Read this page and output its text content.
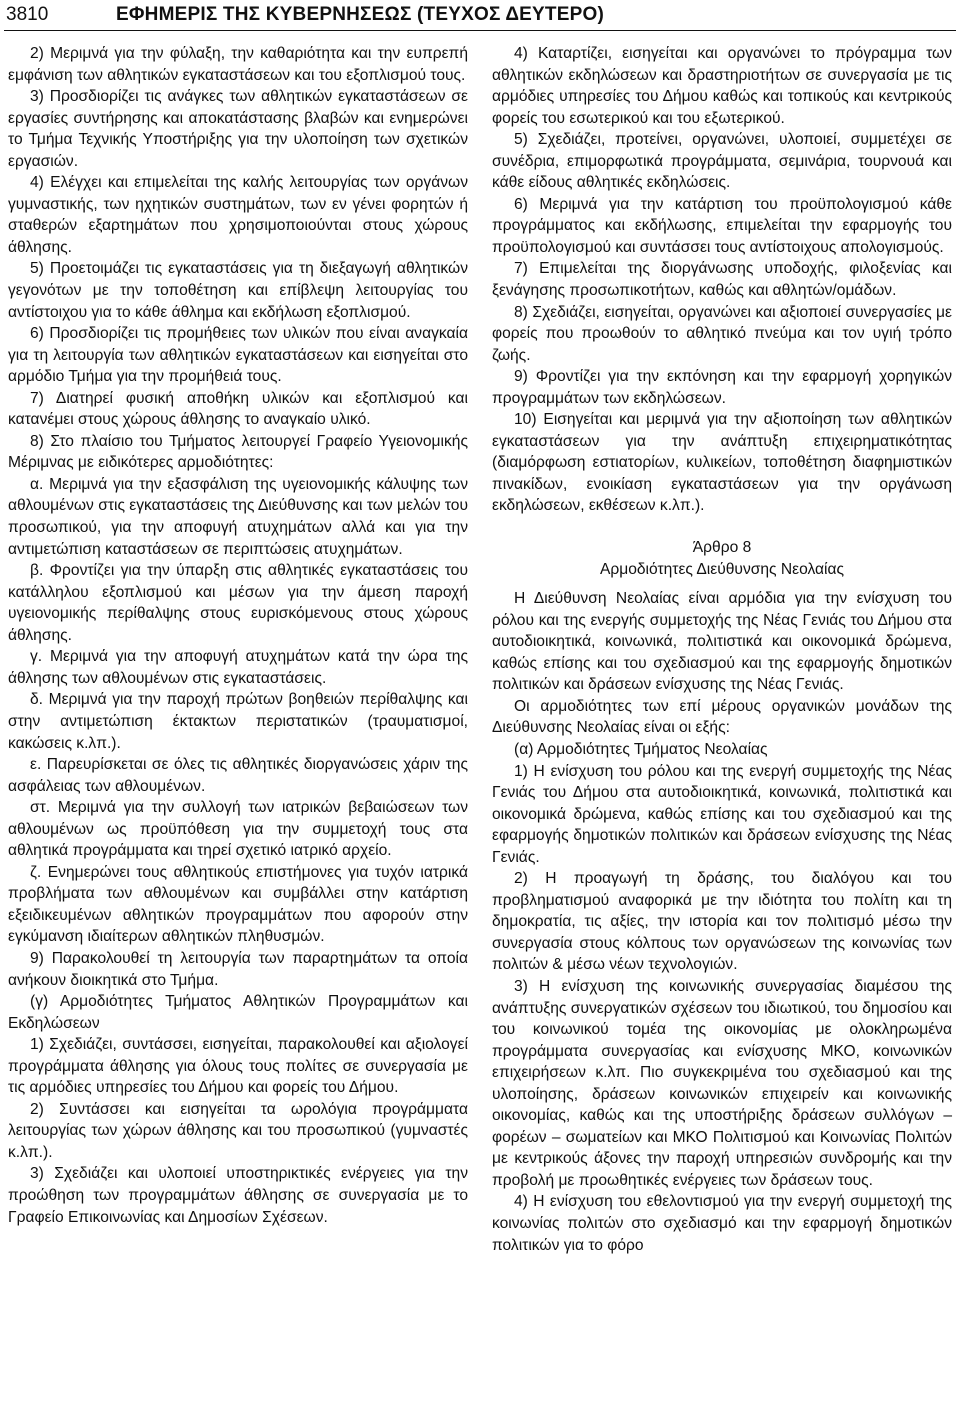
3810	ΕΦΗΜΕΡΙΣ ΤΗΣ ΚΥΒΕΡΝΗΣΕΩΣ (ΤΕΥΧΟΣ ΔΕΥΤΕΡΟ)

2) Μεριμνά για την φύλαξη, την καθαριότητα και την ευπρεπή εμφάνιση των αθλητικών εγκαταστάσεων και του εξοπλισμού τους.

3) Προσδιορίζει τις ανάγκες των αθλητικών εγκαταστάσεων σε εργασίες συντήρησης και αποκατάστασης βλαβών και ενημερώνει το Τμήμα Τεχνικής Υποστήριξης για την υλοποίηση των σχετικών εργασιών.

4) Ελέγχει και επιμελείται της καλής λειτουργίας των οργάνων γυμναστικής, των ηχητικών συστημάτων, των εν γένει φορητών ή σταθερών εξαρτημάτων που χρησιμοποιούνται στους χώρους άθλησης.

5) Προετοιμάζει τις εγκαταστάσεις για τη διεξαγωγή αθλητικών γεγονότων με την τοποθέτηση και επίβλεψη λειτουργίας του αντίστοιχου για το κάθε άθλημα και εκδήλωση εξοπλισμού.

6) Προσδιορίζει τις προμήθειες των υλικών που είναι αναγκαία για τη λειτουργία των αθλητικών εγκαταστάσεων και εισηγείται στο αρμόδιο Τμήμα για την προμήθειά τους.

7) Διατηρεί φυσική αποθήκη υλικών και εξοπλισμού και κατανέμει στους χώρους άθλησης το αναγκαίο υλικό.

8) Στο πλαίσιο του Τμήματος λειτουργεί Γραφείο Υγειονομικής Μέριμνας με ειδικότερες αρμοδιότητες:

α. Μεριμνά για την εξασφάλιση της υγειονομικής κάλυψης των αθλουμένων στις εγκαταστάσεις της Διεύθυνσης και των μελών του προσωπικού, για την αποφυγή ατυχημάτων αλλά και για την αντιμετώπιση καταστάσεων σε περιπτώσεις ατυχημάτων.

β. Φροντίζει για την ύπαρξη στις αθλητικές εγκαταστάσεις του κατάλληλου εξοπλισμού και μέσων για την άμεση παροχή υγειονομικής περίθαλψης στους ευρισκόμενους στους χώρους άθλησης.

γ. Μεριμνά για την αποφυγή ατυχημάτων κατά την ώρα της άθλησης των αθλουμένων στις εγκαταστάσεις.

δ. Μεριμνά για την παροχή πρώτων βοηθειών περίθαλψης και στην αντιμετώπιση έκτακτων περιστατικών (τραυματισμοί, κακώσεις κ.λπ.).

ε. Παρευρίσκεται σε όλες τις αθλητικές διοργανώσεις χάριν της ασφάλειας των αθλουμένων.

στ. Μεριμνά για την συλλογή των ιατρικών βεβαιώσεων των αθλουμένων ως προϋπόθεση για την συμμετοχή τους στα αθλητικά προγράμματα και τηρεί σχετικό ιατρικό αρχείο.

ζ. Ενημερώνει τους αθλητικούς επιστήμονες για τυχόν ιατρικά προβλήματα των αθλουμένων και συμβάλλει στην κατάρτιση εξειδικευμένων αθλητικών προγραμμάτων που αφορούν στην εγκύμανση ιδιαίτερων αθλητικών πληθυσμών.

9) Παρακολουθεί τη λειτουργία των παραρτημάτων τα οποία ανήκουν διοικητικά στο Τμήμα.

(γ) Αρμοδιότητες Τμήματος Αθλητικών Προγραμμάτων και Εκδηλώσεων

1) Σχεδιάζει, συντάσσει, εισηγείται, παρακολουθεί και αξιολογεί προγράμματα άθλησης για όλους τους πολίτες σε συνεργασία με τις αρμόδιες υπηρεσίες του Δήμου και φορείς του Δήμου.

2) Συντάσσει και εισηγείται τα ωρολόγια προγράμματα λειτουργίας των χώρων άθλησης και του προσωπικού (γυμναστές κ.λπ.).

3) Σχεδιάζει και υλοποιεί υποστηρικτικές ενέργειες για την προώθηση των προγραμμάτων άθλησης σε συνεργασία με το Γραφείο Επικοινωνίας και Δημοσίων Σχέσεων.

4) Καταρτίζει, εισηγείται και οργανώνει το πρόγραμμα των αθλητικών εκδηλώσεων και δραστηριοτήτων σε συνεργασία με τις αρμόδιες υπηρεσίες του Δήμου καθώς και τοπικούς και κεντρικούς φορείς του εσωτερικού και του εξωτερικού.

5) Σχεδιάζει, προτείνει, οργανώνει, υλοποιεί, συμμετέχει σε συνέδρια, επιμορφωτικά προγράμματα, σεμινάρια, τουρνουά και κάθε είδους αθλητικές εκδηλώσεις.

6) Μεριμνά για την κατάρτιση του προϋπολογισμού κάθε προγράμματος και εκδήλωσης, επιμελείται την εφαρμογής του προϋπολογισμού και συντάσσει τους αντίστοιχους απολογισμούς.

7) Επιμελείται της διοργάνωσης υποδοχής, φιλοξενίας και ξενάγησης προσωπικοτήτων, καθώς και αθλητών/ομάδων.

8) Σχεδιάζει, εισηγείται, οργανώνει και αξιοποιεί συνεργασίες με φορείς που προωθούν το αθλητικό πνεύμα και τον υγιή τρόπο ζωής.

9) Φροντίζει για την εκπόνηση και την εφαρμογή χορηγικών προγραμμάτων των εκδηλώσεων.

10) Εισηγείται και μεριμνά για την αξιοποίηση των αθλητικών εγκαταστάσεων για την ανάπτυξη επιχειρηματικότητας (διαμόρφωση εστιατορίων, κυλικείων, τοποθέτηση διαφημιστικών πινακίδων, ενοικίαση εγκαταστάσεων για την οργάνωση εκδηλώσεων, εκθέσεων κ.λπ.).

Άρθρο 8

Αρμοδιότητες Διεύθυνσης Νεολαίας

Η Διεύθυνση Νεολαίας είναι αρμόδια για την ενίσχυση του ρόλου και της ενεργής συμμετοχής της Νέας Γενιάς του Δήμου στα αυτοδιοικητικά, κοινωνικά, πολιτιστικά και οικονομικά δρώμενα, καθώς επίσης και του σχεδιασμού και της εφαρμογής δημοτικών πολιτικών και δράσεων ενίσχυσης της Νέας Γενιάς.

Οι αρμοδιότητες των επί μέρους οργανικών μονάδων της Διεύθυνσης Νεολαίας είναι οι εξής:

(α) Αρμοδιότητες Τμήματος Νεολαίας

1) Η ενίσχυση του ρόλου και της ενεργή συμμετοχής της Νέας Γενιάς του Δήμου στα αυτοδιοικητικά, κοινωνικά, πολιτιστικά και οικονομικά δρώμενα, καθώς επίσης και του σχεδιασμού και της εφαρμογής δημοτικών πολιτικών και δράσεων ενίσχυσης της Νέας Γενιάς.

2) Η προαγωγή τη δράσης, του διαλόγου και του προβληματισμού αναφορικά με την ιδιότητα του πολίτη και τη δημοκρατία, τις αξίες, την ιστορία και τον πολιτισμό μέσω την συνεργασία στους κόλπους των οργανώσεων της κοινωνίας των πολιτών & μέσω νέων τεχνολογιών.

3) Η ενίσχυση της κοινωνικής συνεργασίας διαμέσου της ανάπτυξης συνεργατικών σχέσεων του ιδιωτικού, του δημοσίου και του κοινωνικού τομέα της οικονομίας με ολοκληρωμένα προγράμματα συνεργασίας και ενίσχυσης ΜΚΟ, κοινωνικών επιχειρήσεων κ.λπ. Πιο συγκεκριμένα του σχεδιασμού και της υλοποίησης, δράσεων κοινωνικών επιχειρείν και κοινωνικής οικονομίας, καθώς και της υποστήριξης δράσεων συλλόγων – φορέων – σωματείων και ΜΚΟ Πολιτισμού και Κοινωνίας Πολιτών με κεντρικούς άξονες την παροχή υπηρεσιών συνδρομής και την προβολή με προωθητικές ενέργειες των δράσεων τους.

4) Η ενίσχυση του εθελοντισμού για την ενεργή συμμετοχή της κοινωνίας πολιτών στο σχεδιασμό και την εφαρμογή δημοτικών πολιτικών για το φόρο
